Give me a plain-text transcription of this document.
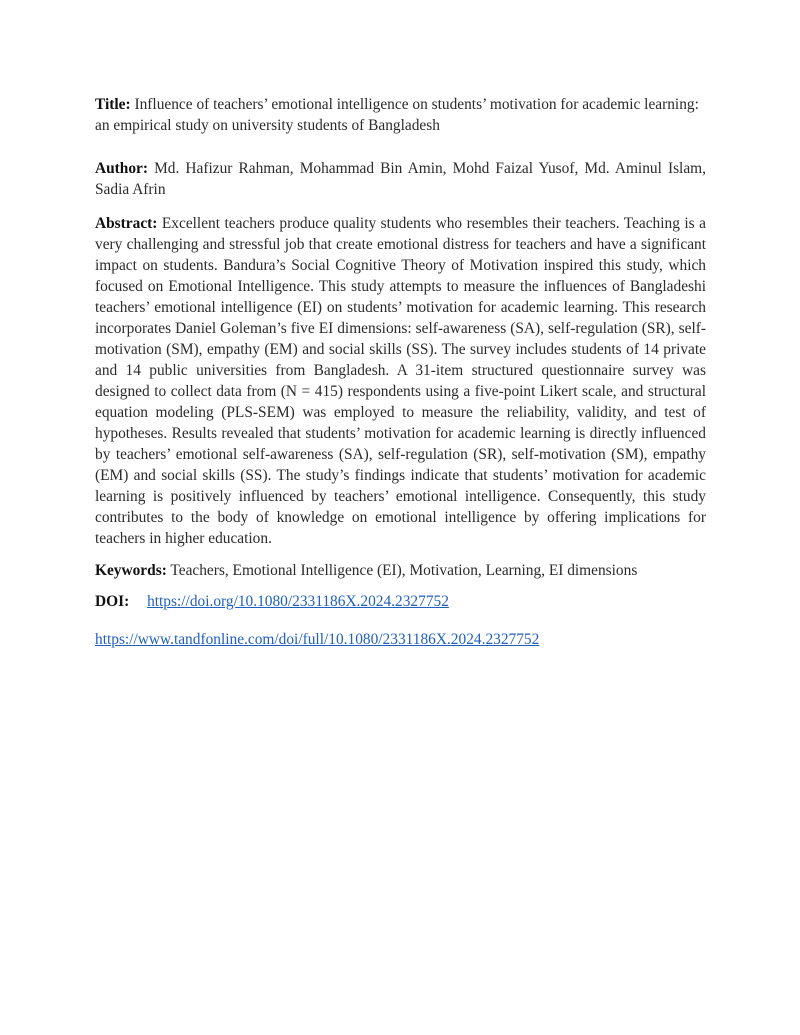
Title: Influence of teachers’ emotional intelligence on students’ motivation for academic learning: an empirical study on university students of Bangladesh

Author: Md. Hafizur Rahman, Mohammad Bin Amin, Mohd Faizal Yusof, Md. Aminul Islam, Sadia Afrin

Abstract: Excellent teachers produce quality students who resembles their teachers. Teaching is a very challenging and stressful job that create emotional distress for teachers and have a significant impact on students. Bandura’s Social Cognitive Theory of Motivation inspired this study, which focused on Emotional Intelligence. This study attempts to measure the influences of Bangladeshi teachers’ emotional intelligence (EI) on students’ motivation for academic learning. This research incorporates Daniel Goleman’s five EI dimensions: self-awareness (SA), self-regulation (SR), self-motivation (SM), empathy (EM) and social skills (SS). The survey includes students of 14 private and 14 public universities from Bangladesh. A 31-item structured questionnaire survey was designed to collect data from (N = 415) respondents using a five-point Likert scale, and structural equation modeling (PLS-SEM) was employed to measure the reliability, validity, and test of hypotheses. Results revealed that students’ motivation for academic learning is directly influenced by teachers’ emotional self-awareness (SA), self-regulation (SR), self-motivation (SM), empathy (EM) and social skills (SS). The study’s findings indicate that students’ motivation for academic learning is positively influenced by teachers’ emotional intelligence. Consequently, this study contributes to the body of knowledge on emotional intelligence by offering implications for teachers in higher education.

Keywords: Teachers, Emotional Intelligence (EI), Motivation, Learning, EI dimensions

DOI: https://doi.org/10.1080/2331186X.2024.2327752

https://www.tandfonline.com/doi/full/10.1080/2331186X.2024.2327752
